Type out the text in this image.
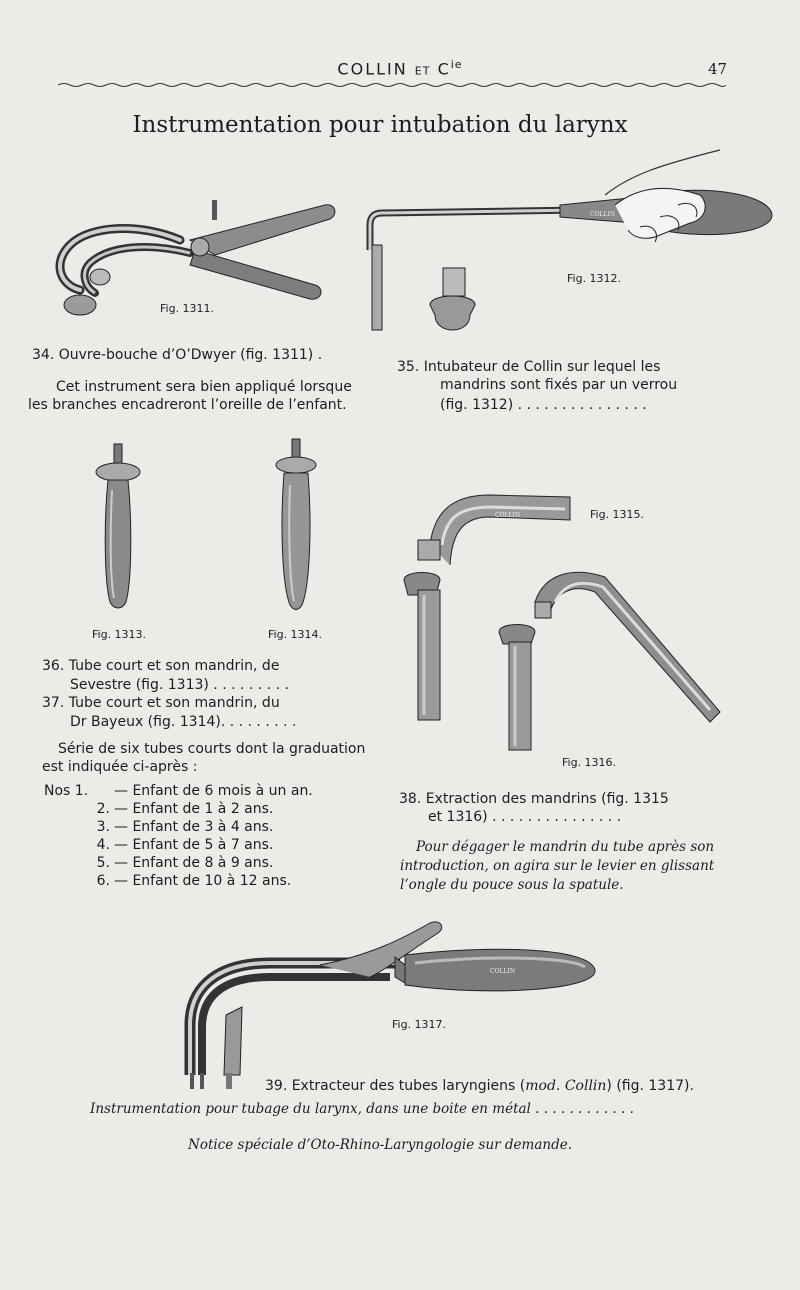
COLLIN ET $C^{ie}$	47
Instrumentation pour intubation du larynx
COLLIN
Fig. 1311.
COLLIN
Fig. 1312.
34. Ouvre-bouche d’O’Dwyer (fig. 1311) .
Cet instrument sera bien appliqué lorsque
les branches encadreront l’oreille de l’enfant.
35. Intubateur de Collin sur lequel les
mandrins sont fixés par un verrou
(fig. 1312) . . . . . . . . . . . . . . .
Fig. 1313.	Fig. 1314.
36. Tube court et son mandrin, de
Sevestre (fig. 1313) . . . . . . . . .
37. Tube court et son mandrin, du
Dr Bayeux (fig. 1314). . . . . . . . .
Série de six tubes courts dont la graduation
est indiquée ci-après :
Nos 1. — Enfant de 6 mois à un an.
2. — Enfant de 1 à 2 ans.
3. — Enfant de 3 à 4 ans.
4. — Enfant de 5 à 7 ans.
5. — Enfant de 8 à 9 ans.
6. — Enfant de 10 à 12 ans.
COLLIN	Fig. 1315.
COLLIN
Fig. 1316.
38. Extraction des mandrins (fig. 1315
et 1316) . . . . . . . . . . . . . . .
Pour dégager le mandrin du tube après son
introduction, on agira sur le levier en glissant
l’ongle du pouce sous la spatule.
COLLIN
Fig. 1317.
39. Extracteur des tubes laryngiens (mod. Collin) (fig. 1317).
Instrumentation pour tubage du larynx, dans une boite en métal . . . . . . . . . . . .
Notice spéciale d’Oto-Rhino-Laryngologie sur demande.
